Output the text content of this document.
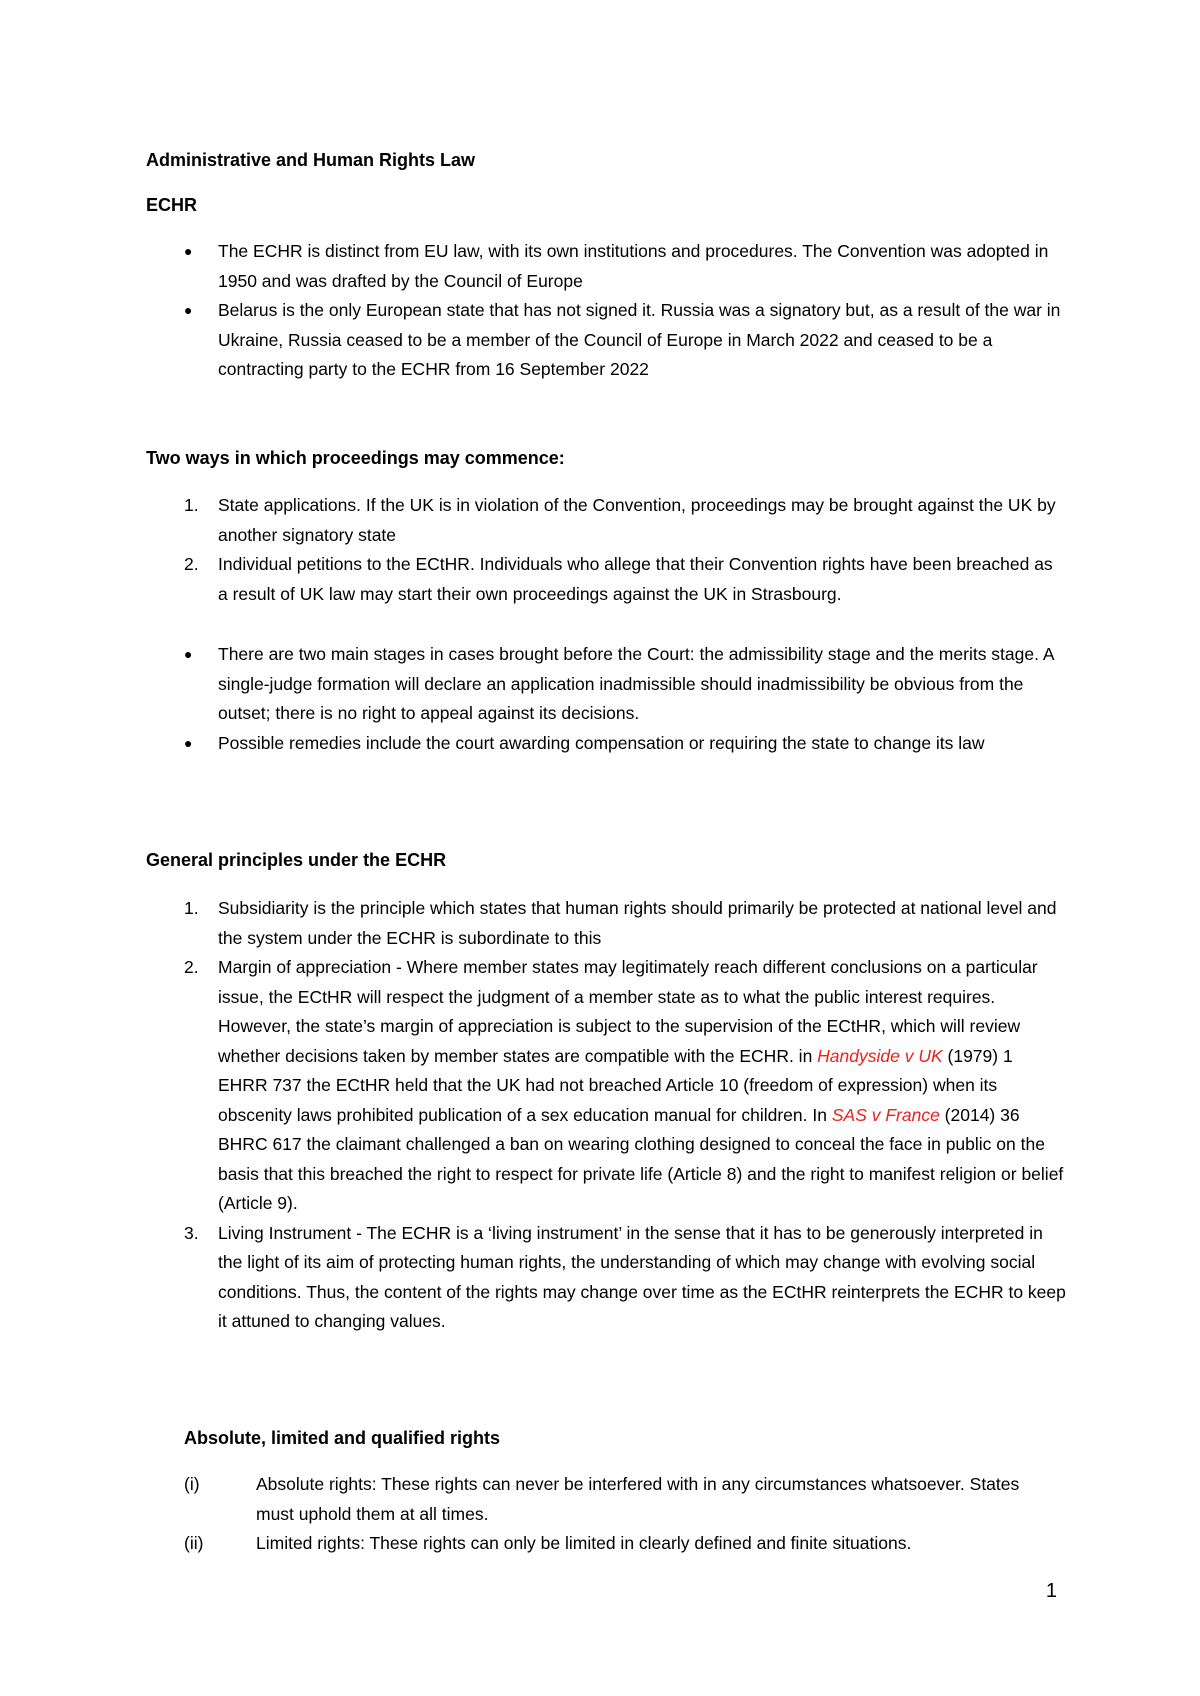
Administrative and Human Rights Law
ECHR
● The ECHR is distinct from EU law, with its own institutions and procedures. The Convention was adopted in 1950 and was drafted by the Council of Europe
● Belarus is the only European state that has not signed it. Russia was a signatory but, as a result of the war in Ukraine, Russia ceased to be a member of the Council of Europe in March 2022 and ceased to be a contracting party to the ECHR from 16 September 2022
Two ways in which proceedings may commence:
1. State applications. If the UK is in violation of the Convention, proceedings may be brought against the UK by another signatory state
2. Individual petitions to the ECtHR. Individuals who allege that their Convention rights have been breached as a result of UK law may start their own proceedings against the UK in Strasbourg.
● There are two main stages in cases brought before the Court: the admissibility stage and the merits stage. A single-judge formation will declare an application inadmissible should inadmissibility be obvious from the outset; there is no right to appeal against its decisions.
● Possible remedies include the court awarding compensation or requiring the state to change its law
General principles under the ECHR
1. Subsidiarity is the principle which states that human rights should primarily be protected at national level and the system under the ECHR is subordinate to this
2. Margin of appreciation - Where member states may legitimately reach different conclusions on a particular issue, the ECtHR will respect the judgment of a member state as to what the public interest requires. However, the state’s margin of appreciation is subject to the supervision of the ECtHR, which will review whether decisions taken by member states are compatible with the ECHR. in Handyside v UK (1979) 1 EHRR 737 the ECtHR held that the UK had not breached Article 10 (freedom of expression) when its obscenity laws prohibited publication of a sex education manual for children. In SAS v France (2014) 36 BHRC 617 the claimant challenged a ban on wearing clothing designed to conceal the face in public on the basis that this breached the right to respect for private life (Article 8) and the right to manifest religion or belief (Article 9).
3. Living Instrument - The ECHR is a ‘living instrument’ in the sense that it has to be generously interpreted in the light of its aim of protecting human rights, the understanding of which may change with evolving social conditions. Thus, the content of the rights may change over time as the ECtHR reinterprets the ECHR to keep it attuned to changing values.
Absolute, limited and qualified rights
(i)	Absolute rights: These rights can never be interfered with in any circumstances whatsoever. States must uphold them at all times.
(ii)	Limited rights: These rights can only be limited in clearly defined and finite situations.
1
